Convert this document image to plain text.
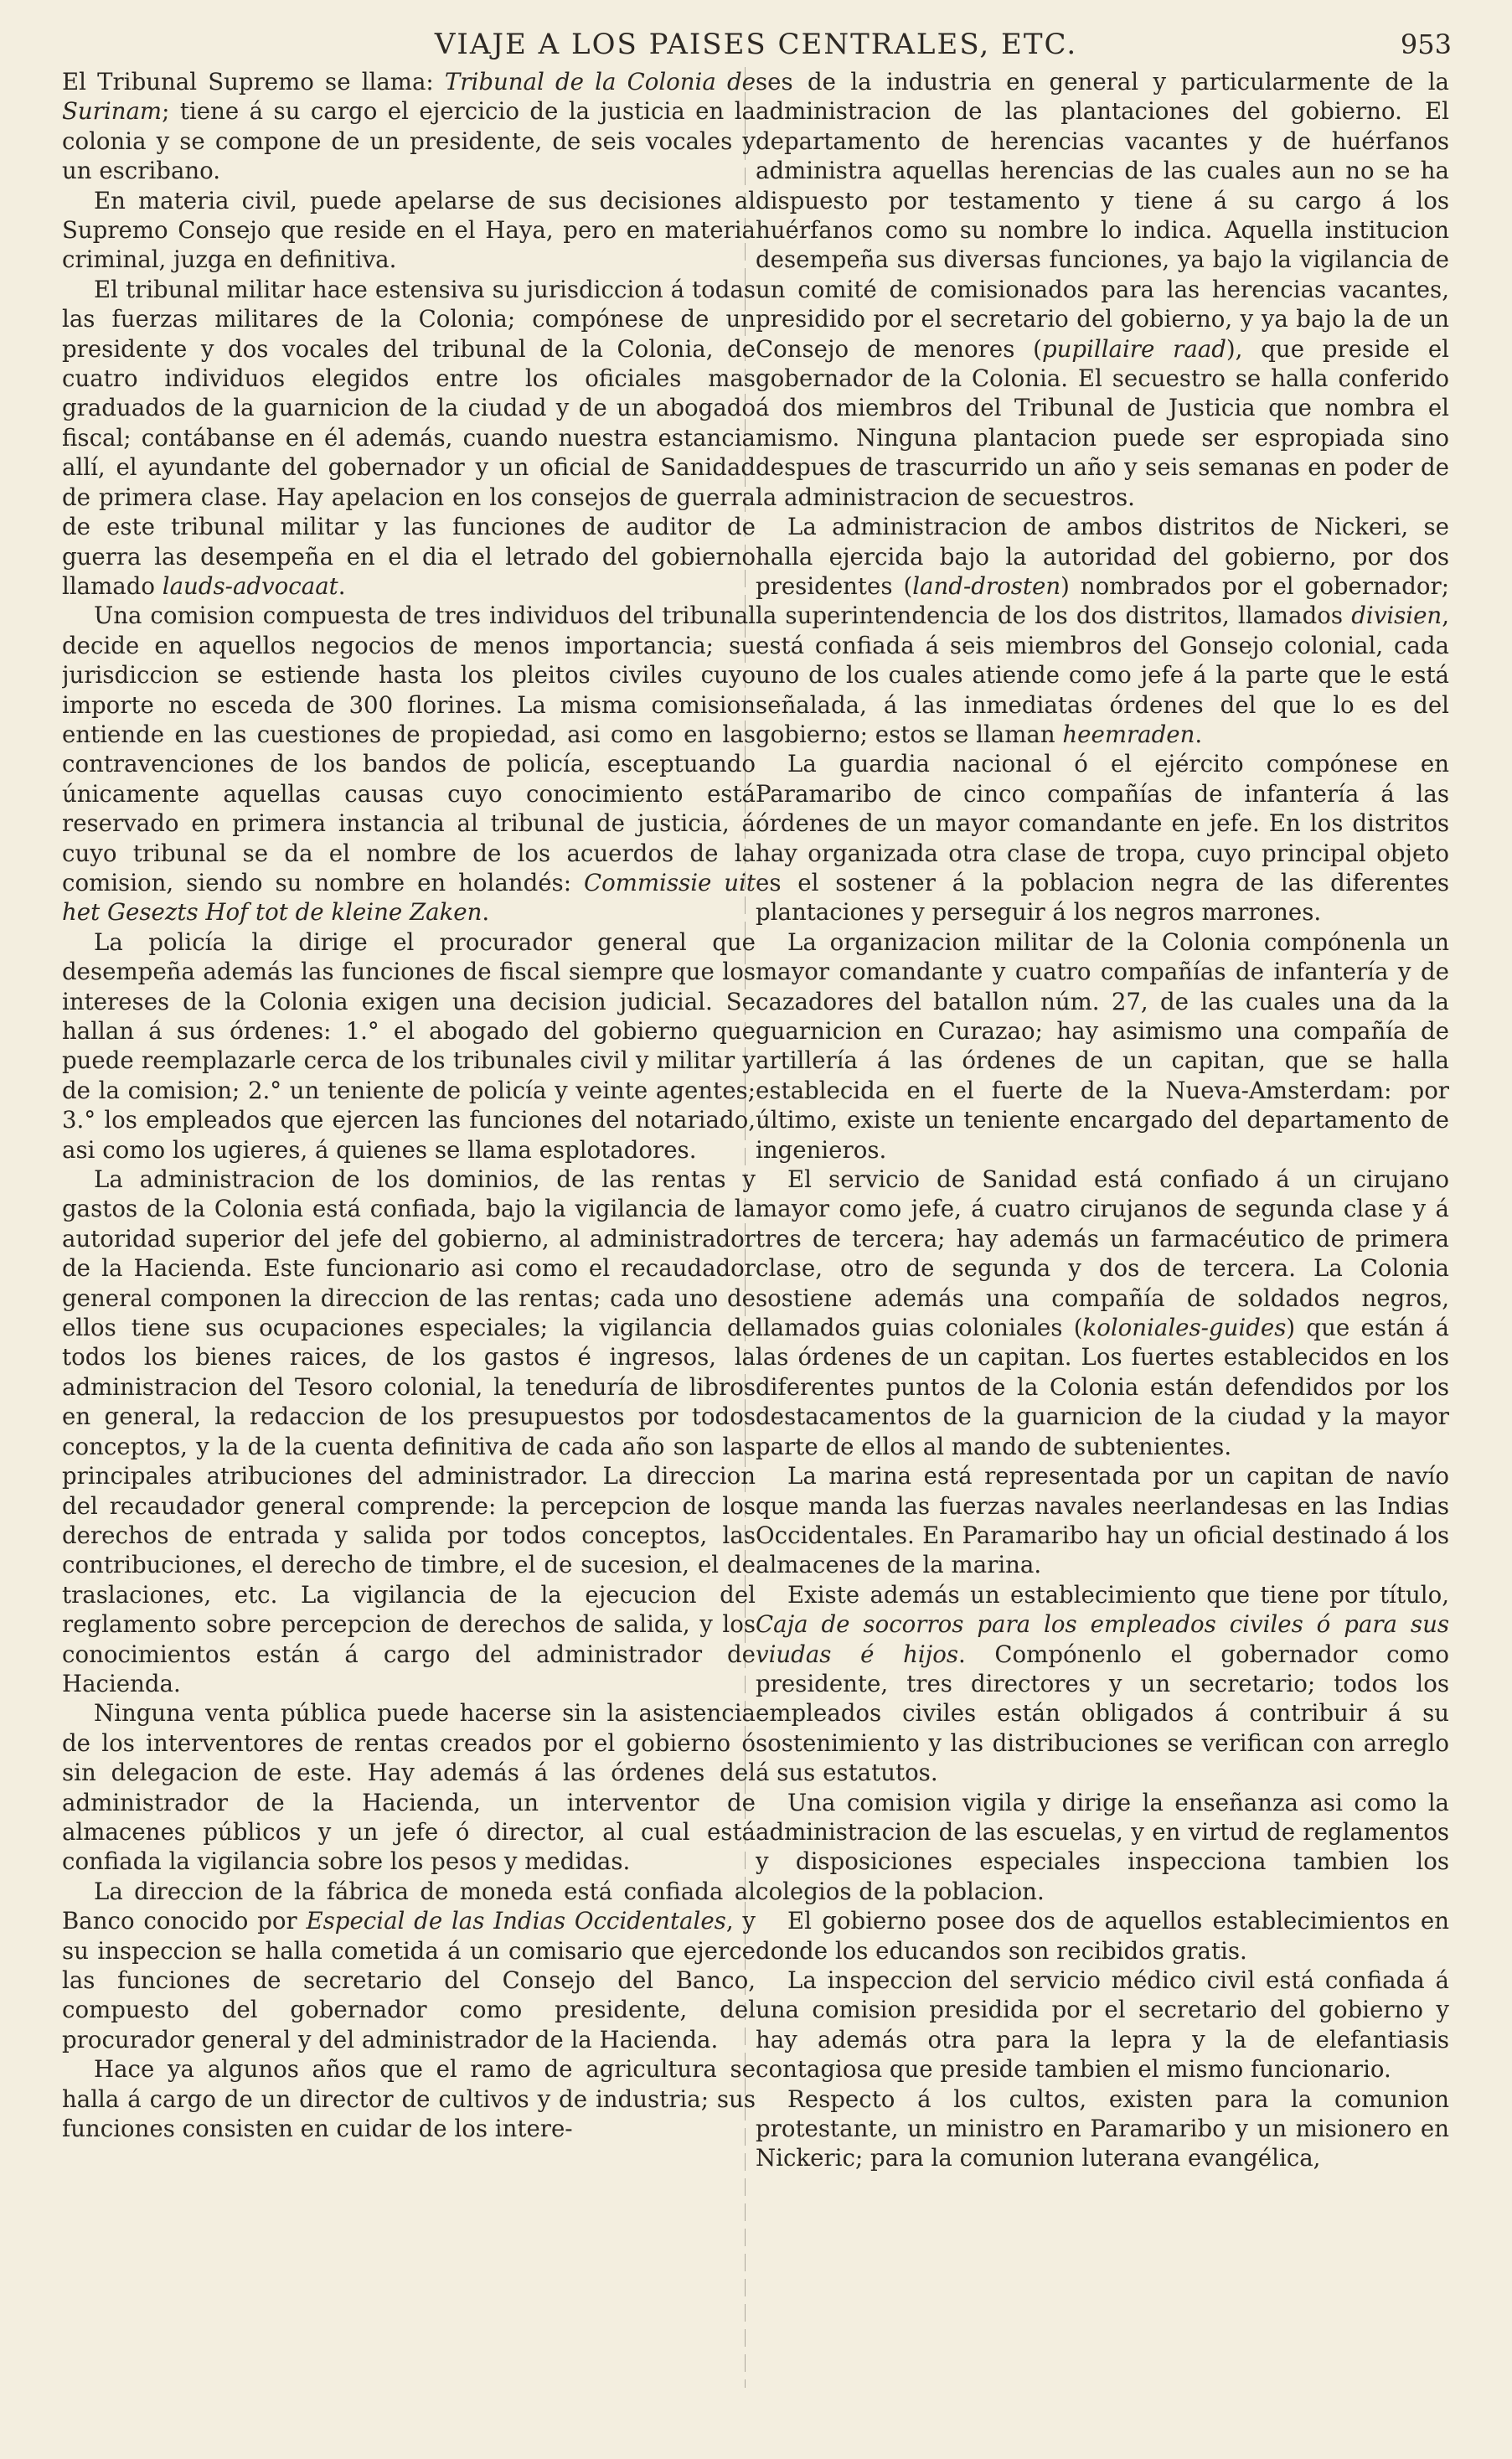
VIAJE A LOS PAISES CENTRALES, ETC.	953

El Tribunal Supremo se llama: Tribunal de la Colonia de Surinam; tiene á su cargo el ejercicio de la justicia en la colonia y se compone de un presidente, de seis vocales y un escribano.

En materia civil, puede apelarse de sus decisiones al Supremo Consejo que reside en el Haya, pero en materia criminal, juzga en definitiva.

El tribunal militar hace estensiva su jurisdiccion á todas las fuerzas militares de la Colonia; compónese de un presidente y dos vocales del tribunal de la Colonia, de cuatro individuos elegidos entre los oficiales mas graduados de la guarnicion de la ciudad y de un abogado fiscal; contábanse en él además, cuando nuestra estancia allí, el ayundante del gobernador y un oficial de Sanidad de primera clase. Hay apelacion en los consejos de guerra de este tribunal militar y las funciones de auditor de guerra las desempeña en el dia el letrado del gobierno llamado lauds-advocaat.

Una comision compuesta de tres individuos del tribunal decide en aquellos negocios de menos importancia; su jurisdiccion se estiende hasta los pleitos civiles cuyo importe no esceda de 300 florines. La misma comision entiende en las cuestiones de propiedad, asi como en las contravenciones de los bandos de policía, esceptuando únicamente aquellas causas cuyo conocimiento está reservado en primera instancia al tribunal de justicia, á cuyo tribunal se da el nombre de los acuerdos de la comision, siendo su nombre en holandés: Commissie uit het Gesezts Hof tot de kleine Zaken.

La policía la dirige el procurador general que desempeña además las funciones de fiscal siempre que los intereses de la Colonia exigen una decision judicial. Se hallan á sus órdenes: 1.° el abogado del gobierno que puede reemplazarle cerca de los tribunales civil y militar y de la comision; 2.° un teniente de policía y veinte agentes; 3.° los empleados que ejercen las funciones del notariado, asi como los ugieres, á quienes se llama esplotadores.

La administracion de los dominios, de las rentas y gastos de la Colonia está confiada, bajo la vigilancia de la autoridad superior del jefe del gobierno, al administrador de la Hacienda. Este funcionario asi como el recaudador general componen la direccion de las rentas; cada uno de ellos tiene sus ocupaciones especiales; la vigilancia de todos los bienes raices, de los gastos é ingresos, la administracion del Tesoro colonial, la teneduría de libros en general, la redaccion de los presupuestos por todos conceptos, y la de la cuenta definitiva de cada año son las principales atribuciones del administrador. La direccion del recaudador general comprende: la percepcion de los derechos de entrada y salida por todos conceptos, las contribuciones, el derecho de timbre, el de sucesion, el de traslaciones, etc. La vigilancia de la ejecucion del reglamento sobre percepcion de derechos de salida, y los conocimientos están á cargo del administrador de Hacienda.

Ninguna venta pública puede hacerse sin la asistencia de los interventores de rentas creados por el gobierno ó sin delegacion de este. Hay además á las órdenes del administrador de la Hacienda, un interventor de almacenes públicos y un jefe ó director, al cual está confiada la vigilancia sobre los pesos y medidas.

La direccion de la fábrica de moneda está confiada al Banco conocido por Especial de las Indias Occidentales, y su inspeccion se halla cometida á un comisario que ejerce las funciones de secretario del Consejo del Banco, compuesto del gobernador como presidente, del procurador general y del administrador de la Hacienda.

Hace ya algunos años que el ramo de agricultura se halla á cargo de un director de cultivos y de industria; sus funciones consisten en cuidar de los intere-

ses de la industria en general y particularmente de la administracion de las plantaciones del gobierno. El departamento de herencias vacantes y de huérfanos administra aquellas herencias de las cuales aun no se ha dispuesto por testamento y tiene á su cargo á los huérfanos como su nombre lo indica. Aquella institucion desempeña sus diversas funciones, ya bajo la vigilancia de un comité de comisionados para las herencias vacantes, presidido por el secretario del gobierno, y ya bajo la de un Consejo de menores (pupillaire raad), que preside el gobernador de la Colonia. El secuestro se halla conferido á dos miembros del Tribunal de Justicia que nombra el mismo. Ninguna plantacion puede ser espropiada sino despues de trascurrido un año y seis semanas en poder de la administracion de secuestros.

La administracion de ambos distritos de Nickeri, se halla ejercida bajo la autoridad del gobierno, por dos presidentes (land-drosten) nombrados por el gobernador; la superintendencia de los dos distritos, llamados divisien, está confiada á seis miembros del Gonsejo colonial, cada uno de los cuales atiende como jefe á la parte que le está señalada, á las inmediatas órdenes del que lo es del gobierno; estos se llaman heemraden.

La guardia nacional ó el ejército compónese en Paramaribo de cinco compañías de infantería á las órdenes de un mayor comandante en jefe. En los distritos hay organizada otra clase de tropa, cuyo principal objeto es el sostener á la poblacion negra de las diferentes plantaciones y perseguir á los negros marrones.

La organizacion militar de la Colonia compónenla un mayor comandante y cuatro compañías de infantería y de cazadores del batallon núm. 27, de las cuales una da la guarnicion en Curazao; hay asimismo una compañía de artillería á las órdenes de un capitan, que se halla establecida en el fuerte de la Nueva-Amsterdam: por último, existe un teniente encargado del departamento de ingenieros.

El servicio de Sanidad está confiado á un cirujano mayor como jefe, á cuatro cirujanos de segunda clase y á tres de tercera; hay además un farmacéutico de primera clase, otro de segunda y dos de tercera. La Colonia sostiene además una compañía de soldados negros, llamados guias coloniales (koloniales-guides) que están á las órdenes de un capitan. Los fuertes establecidos en los diferentes puntos de la Colonia están defendidos por los destacamentos de la guarnicion de la ciudad y la mayor parte de ellos al mando de subtenientes.

La marina está representada por un capitan de navío que manda las fuerzas navales neerlandesas en las Indias Occidentales. En Paramaribo hay un oficial destinado á los almacenes de la marina.

Existe además un establecimiento que tiene por título, Caja de socorros para los empleados civiles ó para sus viudas é hijos. Compónenlo el gobernador como presidente, tres directores y un secretario; todos los empleados civiles están obligados á contribuir á su sostenimiento y las distribuciones se verifican con arreglo á sus estatutos.

Una comision vigila y dirige la enseñanza asi como la administracion de las escuelas, y en virtud de reglamentos y disposiciones especiales inspecciona tambien los colegios de la poblacion.

El gobierno posee dos de aquellos establecimientos en donde los educandos son recibidos gratis.

La inspeccion del servicio médico civil está confiada á una comision presidida por el secretario del gobierno y hay además otra para la lepra y la de elefantiasis contagiosa que preside tambien el mismo funcionario.

Respecto á los cultos, existen para la comunion protestante, un ministro en Paramaribo y un misionero en Nickeric; para la comunion luterana evangélica,
